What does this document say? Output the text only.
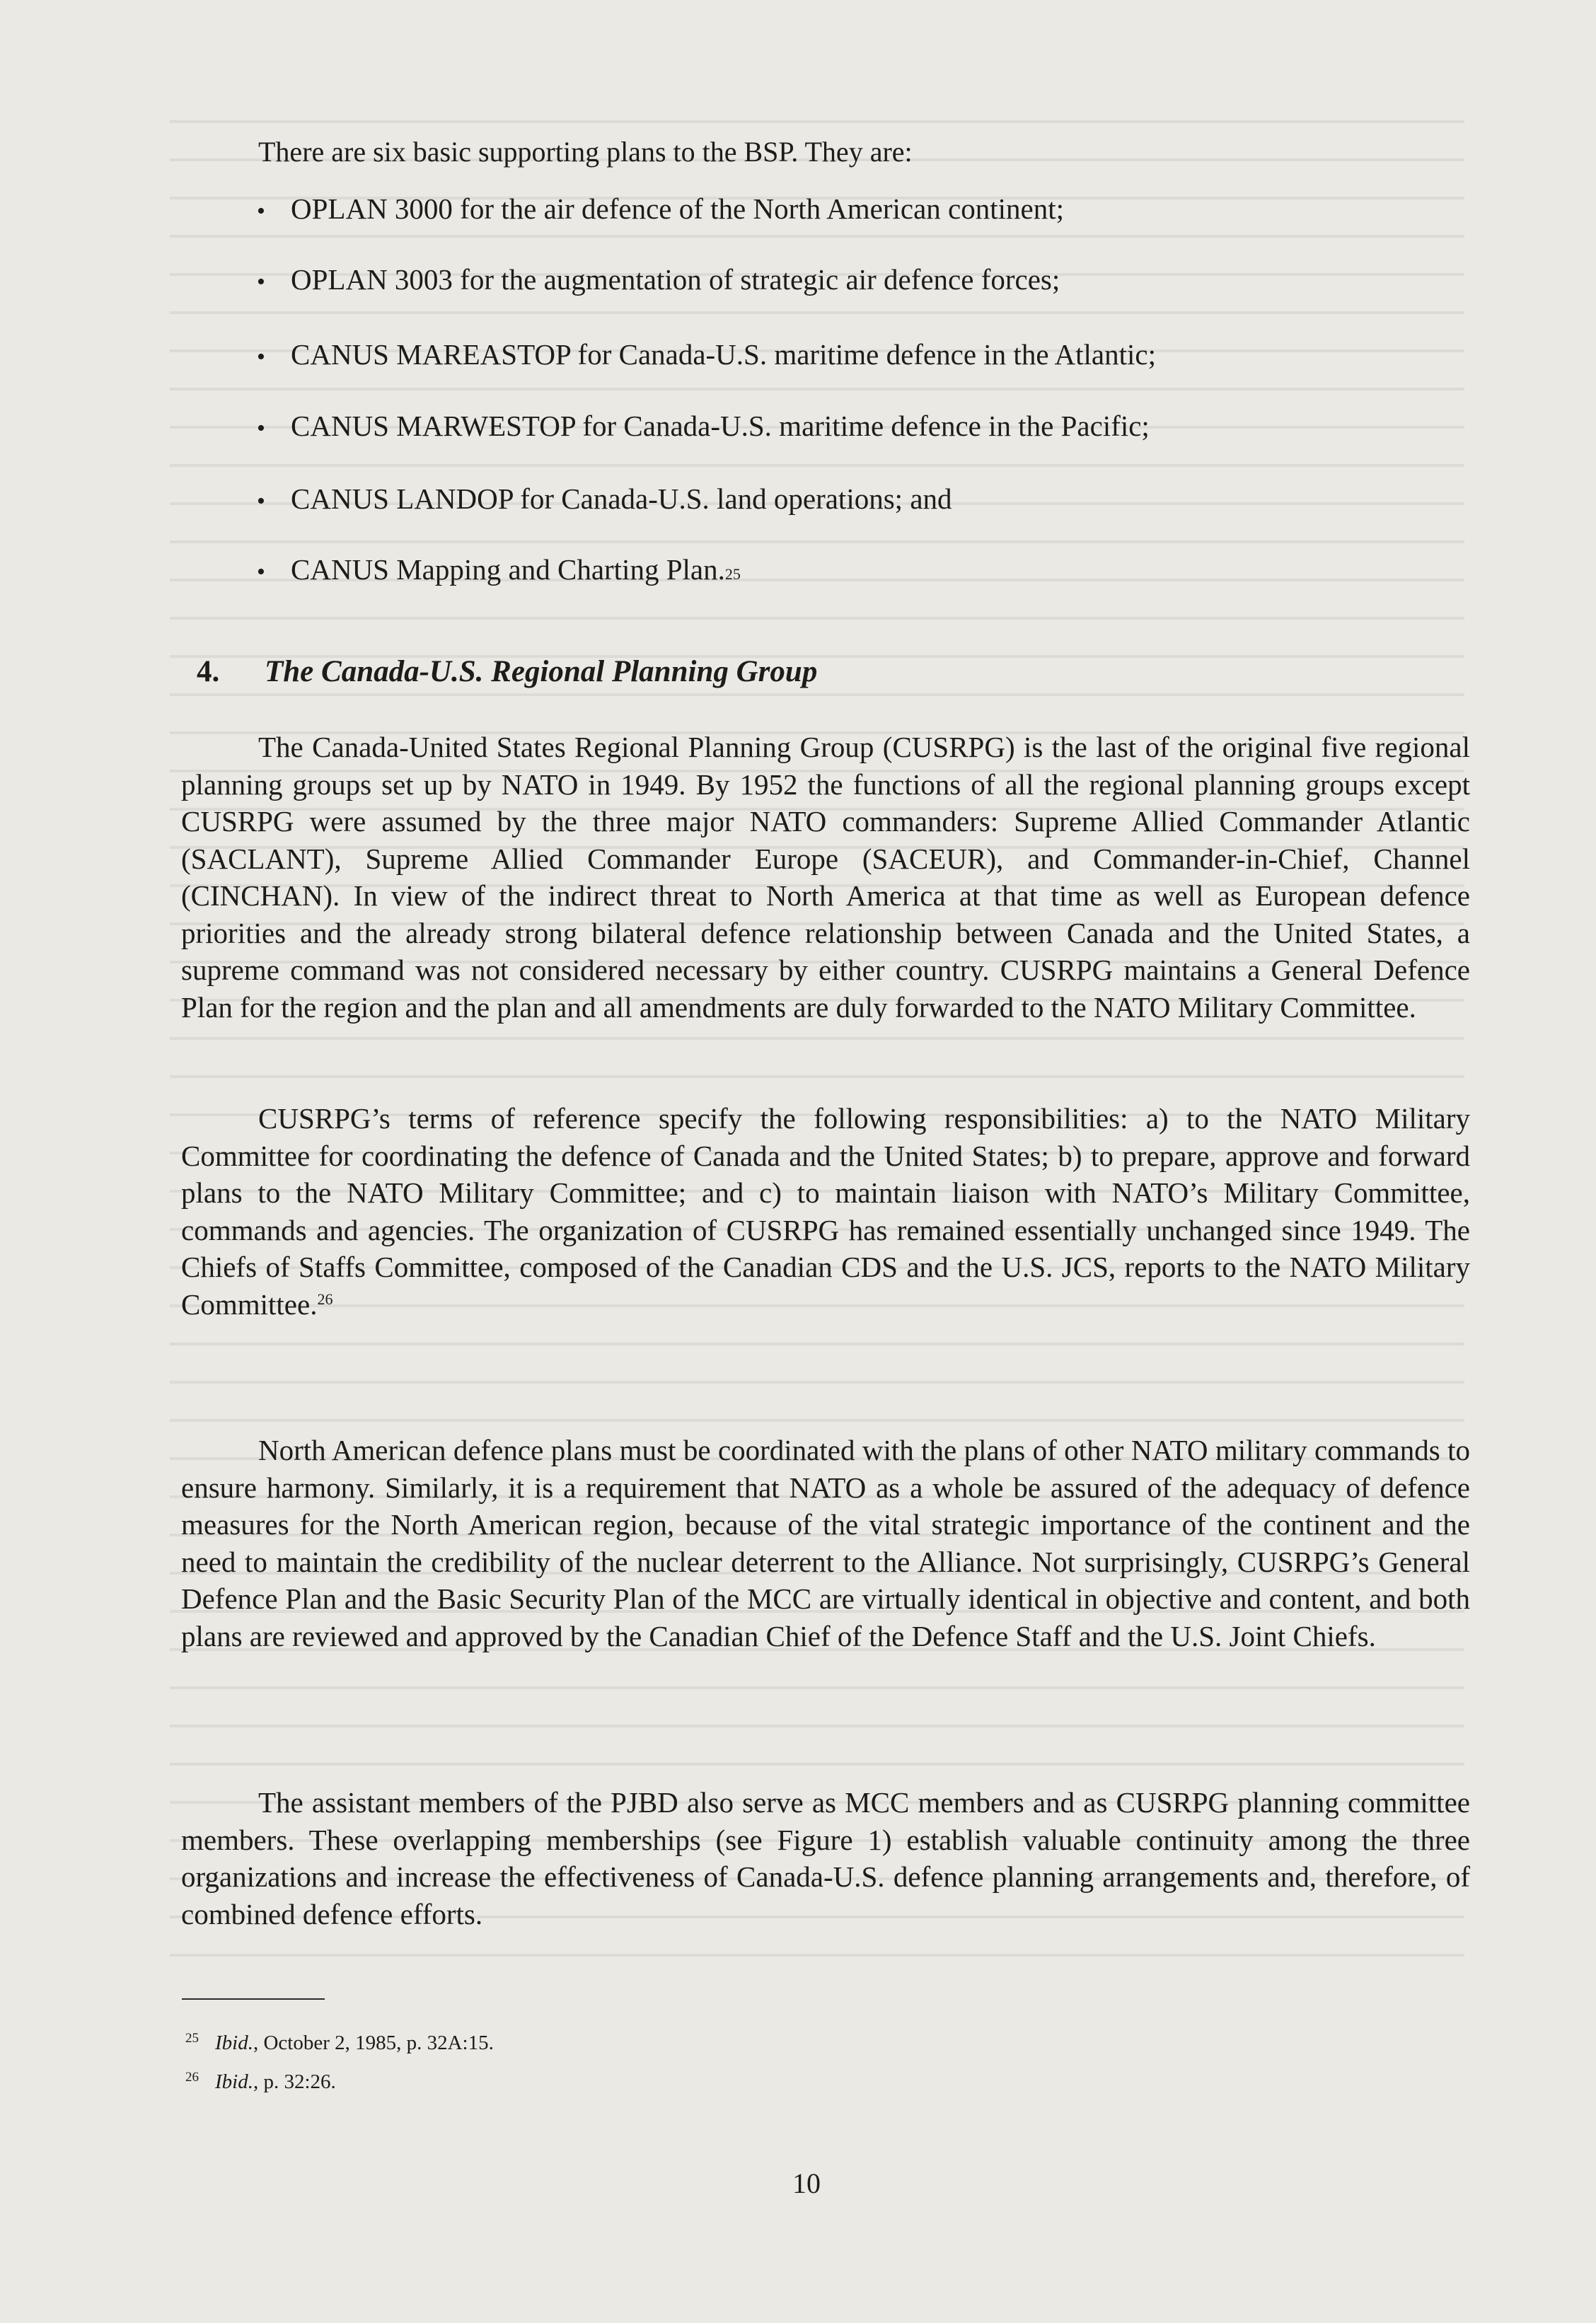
There are six basic supporting plans to the BSP. They are:

• OPLAN 3000 for the air defence of the North American continent;
• OPLAN 3003 for the augmentation of strategic air defence forces;
• CANUS MAREASTOP for Canada-U.S. maritime defence in the Atlantic;
• CANUS MARWESTOP for Canada-U.S. maritime defence in the Pacific;
• CANUS LANDOP for Canada-U.S. land operations; and
• CANUS Mapping and Charting Plan. 25
4. The Canada-U.S. Regional Planning Group

The Canada-United States Regional Planning Group (CUSRPG) is the last of the original five regional planning groups set up by NATO in 1949. By 1952 the functions of all the regional planning groups except CUSRPG were assumed by the three major NATO commanders: Supreme Allied Commander Atlantic (SACLANT), Supreme Allied Commander Europe (SACEUR), and Commander-in-Chief, Channel (CINCHAN). In view of the indirect threat to North America at that time as well as European defence priorities and the already strong bilateral defence relationship between Canada and the United States, a supreme command was not considered necessary by either country. CUSRPG maintains a General Defence Plan for the region and the plan and all amendments are duly forwarded to the NATO Military Committee.

CUSRPG’s terms of reference specify the following responsibilities: a) to the NATO Military Committee for coordinating the defence of Canada and the United States; b) to prepare, approve and forward plans to the NATO Military Committee; and c) to maintain liaison with NATO’s Military Committee, commands and agencies. The organization of CUSRPG has remained essentially unchanged since 1949. The Chiefs of Staffs Committee, composed of the Canadian CDS and the U.S. JCS, reports to the NATO Military Committee.$^{26}$

North American defence plans must be coordinated with the plans of other NATO military commands to ensure harmony. Similarly, it is a requirement that NATO as a whole be assured of the adequacy of defence measures for the North American region, because of the vital strategic importance of the continent and the need to maintain the credibility of the nuclear deterrent to the Alliance. Not surprisingly, CUSRPG’s General Defence Plan and the Basic Security Plan of the MCC are virtually identical in objective and content, and both plans are reviewed and approved by the Canadian Chief of the Defence Staff and the U.S. Joint Chiefs.

The assistant members of the PJBD also serve as MCC members and as CUSRPG planning committee members. These overlapping memberships (see Figure 1) establish valuable continuity among the three organizations and increase the effectiveness of Canada-U.S. defence planning arrangements and, therefore, of combined defence efforts.

25 Ibid., October 2, 1985, p. 32A:15.
26 Ibid., p. 32:26.
10
